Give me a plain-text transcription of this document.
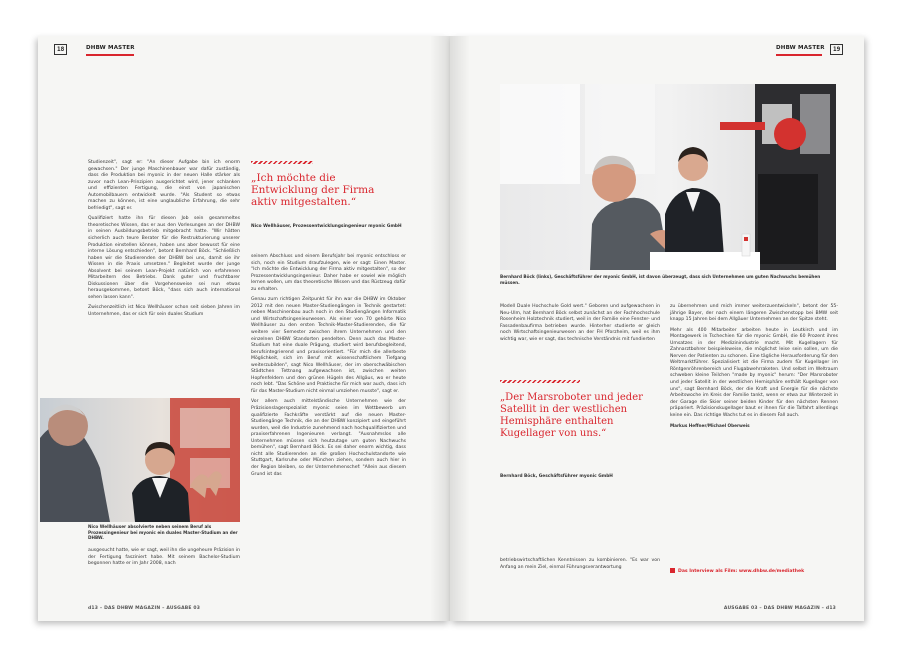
18	DHBW MASTER

Studienzeit", sagt er: "An dieser Aufgabe bin ich enorm gewachsen." Der junge Maschinenbauer war dafür zuständig, dass die Produktion bei myonic in der neuen Halle stärker als zuvor nach Lean-Prinzipien ausgerichtet wird, jener schlanken und effizienten Fertigung, die einst von japanischen Automobilbauern entwickelt wurde. "Als Student so etwas machen zu können, ist eine unglaubliche Erfahrung, die sehr befriedigt", sagt er.

Qualifiziert hatte ihn für diesen Job sein gesammeltes theoretisches Wissen, das er aus den Vorlesungen an der DHBW in seinen Ausbildungsbetrieb mitgebracht hatte. "Wir hätten sicherlich auch teure Berater für die Restrukturierung unserer Produktion einstellen können, haben uns aber bewusst für eine interne Lösung entschieden", betont Bernhard Böck. "Schließlich haben wir die Studierenden der DHBW bei uns, damit sie ihr Wissen in die Praxis umsetzen." Begleitet wurde der junge Absolvent bei seinem Lean-Projekt natürlich von erfahrenen Mitarbeitern des Betriebs. Dank guter und fruchtbarer Diskussionen über die Vorgehensweise sei nun etwas herausgekommen, betont Böck, "dass sich auch international sehen lassen kann".

Zwischenzeitlich ist Nico Wellhäuser schon seit sieben Jahren im Unternehmen, das er sich für sein duales Studium

Nico Wellhäuser absolvierte neben seinem Beruf als Prozessingenieur bei myonic ein duales Master-Studium an der DHBW.

ausgesucht hatte, wie er sagt, weil ihn die ungeheure Präzision in der Fertigung fasziniert habe. Mit seinem Bachelor-Studium begonnen hatte er im Jahr 2008, nach

„Ich möchte die Entwicklung der Firma aktiv mitgestalten.“
Nico Wellhäuser, Prozessentwicklungsingenieur myonic GmbH

seinem Abschluss und einem Berufsjahr bei myonic entschloss er sich, noch ein Studium draufzulegen, wie er sagt: Einen Master. "Ich möchte die Entwicklung der Firma aktiv mitgestalten", so der Prozessentwicklungsingenieur. Daher habe er sowiel wie möglich lernen wollen, um das theoretische Wissen und das Rüstzeug dafür zu erhalten.

Genau zum richtigen Zeitpunkt für ihn war die DHBW im Oktober 2012 mit den neuen Master-Studiengängen in Technik gestartet: neben Maschinenbau auch noch in den Studiengängen Informatik und Wirtschaftsingenieurwesen. Als einer von 70 gehörte Nico Wellhäuser zu den ersten Technik-Master-Studierenden, die für weitere vier Semester zwischen ihrem Unternehmen und den einzelnen DHBW Standorten pendelten. Denn auch das Master-Studium hat eine duale Prägung, studiert wird berufsbegleitend, berufsintegrierend und praxisorientiert. "Für mich die allerbeste Möglichkeit, sich im Beruf mit wissenschaftlichem Tiefgang weiterzubilden", sagt Nico Wellhäuser, der im oberschwäbischen Städtchen Tettnang aufgewachsen ist, zwischen weiten Hopfenfeldern und den grünen Hügeln des Allgäus, wo er heute noch lebt. "Das Schöne und Praktische für mich war auch, dass ich für das Master-Studium nicht einmal umziehen musste", sagt er.

Vor allem auch mittelständische Unternehmen wie der Präzisionslagerspezialist myonic seien im Wettbewerb um qualifizierte Fachkräfte verstärkt auf die neuen Master-Studiengänge Technik, die an der DHBW konzipiert und eingeführt wurden, weil die Industrie zunehmend nach hochqualifizierten und praxiserfahrenen Ingenieuren verlangt. "Ausnahmslos alle Unternehmen müssen sich heutzutage um guten Nachwuchs bemühen", sagt Bernhard Böck. Es sei daher enorm wichtig, dass nicht alle Studierenden an die großen Hochschulstandorte wie Stuttgart, Karlsruhe oder München ziehen, sondern auch hier in der Region bleiben, so der Unternehmenschef: "Allein aus diesem Grund ist das

d13 – DAS DHBW MAGAZIN – AUSGABE 03
DHBW MASTER	19
Bernhard Böck (links), Geschäftsführer der myonic GmbH, ist davon überzeugt, dass sich Unternehmen um guten Nachwuchs bemühen müssen.

Modell Duale Hochschule Gold wert." Geboren und aufgewachsen in Neu-Ulm, hat Bernhard Böck selbst zunächst an der Fachhochschule Rosenheim Holztechnik studiert, weil in der Familie eine Fenster- und Fassadenbaufirma betrieben wurde. Hinterher studierte er gleich noch Wirtschaftsingenieurwesen an der FH Pforzheim, weil es ihm wichtig war, wie er sagt, das technische Verständnis mit fundierten

„Der Marsroboter und jeder Satellit in der westlichen Hemisphäre enthalten Kugellager von uns.“
Bernhard Böck, Geschäftsführer myonic GmbH

betriebswirtschaftlichen Kenntnissen zu kombinieren. "Es war von Anfang an mein Ziel, einmal Führungsverantwortung

zu übernehmen und mich immer weiterzuentwickeln", betont der 55-jährige Bayer, der nach einem längeren Zwischenstopp bei BMW seit knapp 15 Jahren bei dem Allgäuer Unternehmen an der Spitze steht.

Mehr als 400 Mitarbeiter arbeiten heute in Leutkirch und im Montagewerk in Tschechien für die myonic GmbH, die 60 Prozent ihres Umsatzes in der Medizinindustrie macht. Mit Kugellagern für Zahnarztbohrer beispielsweise, die möglichst leise sein sollen, um die Nerven der Patienten zu schonen. Eine tägliche Herausforderung für den Weltmarktführer. Spezialisiert ist die Firma zudem für Kugellager im Röntgenröhrenbereich und Flugabwehrraketen. Und selbst im Weltraum schweben kleine Teilchen "made by myonic" herum: "Der Marsroboter und jeder Satellit in der westlichen Hemisphäre enthält Kugellager von uns", sagt Bernhard Böck, der die Kraft und Energie für die nächste Arbeitswoche im Kreis der Familie tankt, wenn er etwa zur Winterzeit in der Garage die Skier seiner beiden Kinder für den nächsten Rennen präpariert. Präzisionskugellager baut er ihnen für die Talfahrt allerdings keine ein. Das richtige Wachs tut es in diesem Fall auch.

Markus Heffner/Michael Oberweis

Das Interview als Film: www.dhbw.de/mediathek
AUSGABE 03 – DAS DHBW MAGAZIN – d13
